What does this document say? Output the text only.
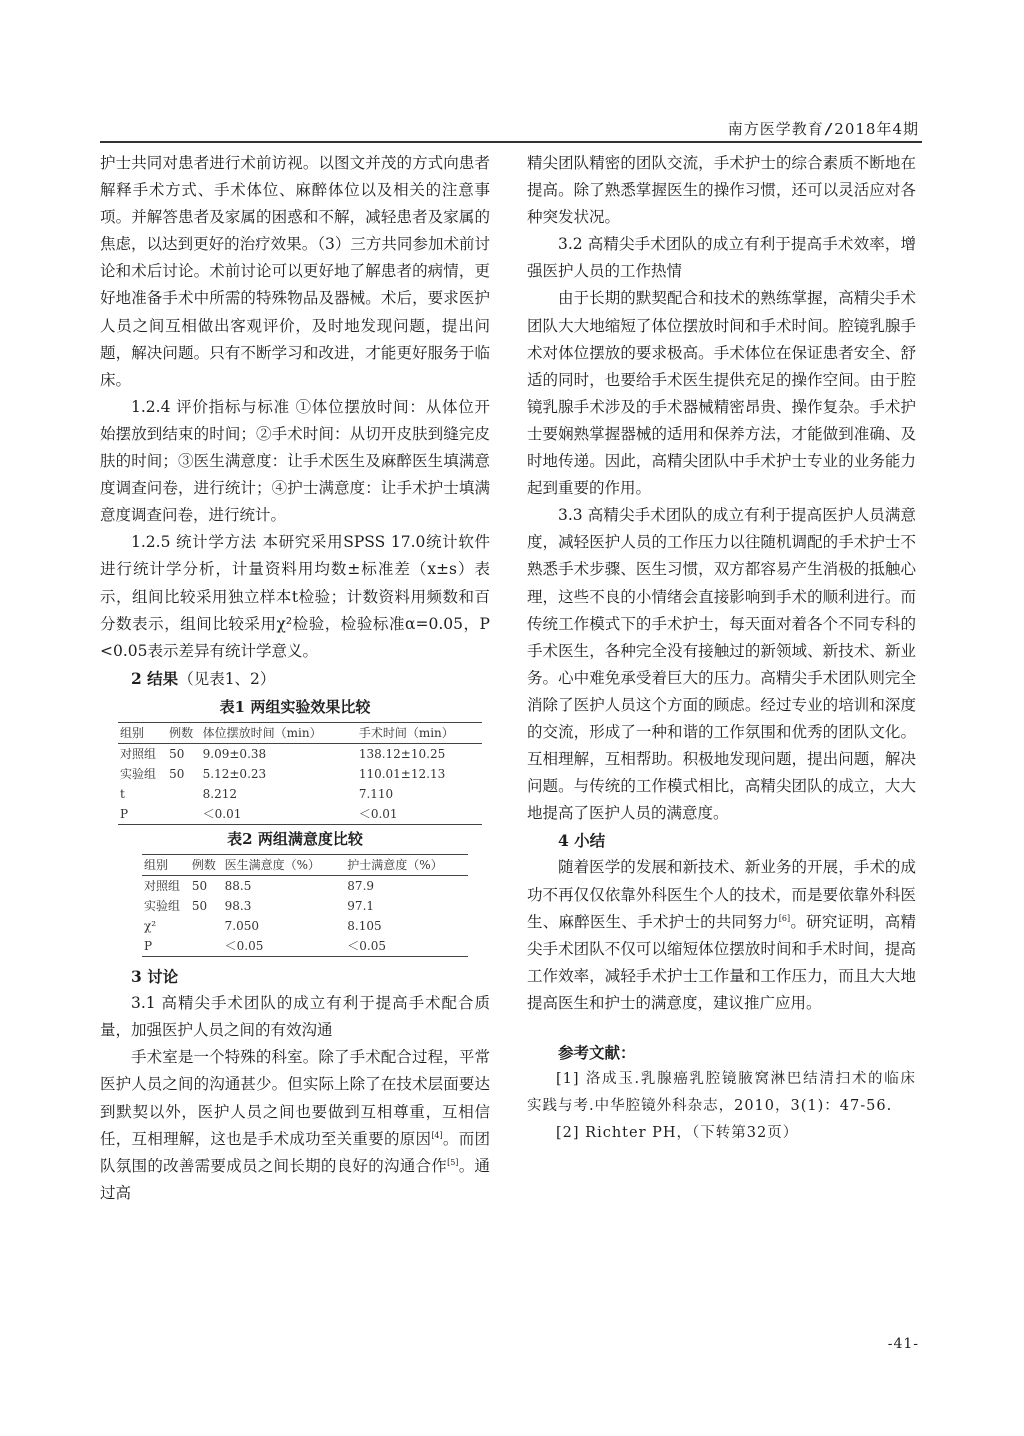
南方医学教育 / 2018年4期

护士共同对患者进行术前访视。以图文并茂的方式向患者解释手术方式、手术体位、麻醉体位以及相关的注意事项。并解答患者及家属的困惑和不解，减轻患者及家属的焦虑，以达到更好的治疗效果。（3）三方共同参加术前讨论和术后讨论。术前讨论可以更好地了解患者的病情，更好地准备手术中所需的特殊物品及器械。术后，要求医护人员之间互相做出客观评价，及时地发现问题，提出问题，解决问题。只有不断学习和改进，才能更好服务于临床。

1.2.4 评价指标与标准 ①体位摆放时间：从体位开始摆放到结束的时间；②手术时间：从切开皮肤到缝完皮肤的时间；③医生满意度：让手术医生及麻醉医生填满意度调查问卷，进行统计；④护士满意度：让手术护士填满意度调查问卷，进行统计。

1.2.5 统计学方法 本研究采用SPSS 17.0统计软件进行统计学分析，计量资料用均数±标准差（x±s）表示，组间比较采用独立样本t检验；计数资料用频数和百分数表示，组间比较采用χ²检验，检验标准α=0.05，P <0.05表示差异有统计学意义。

2 结果（见表1、2）

表1 两组实验效果比较
组别	例数	体位摆放时间（min）	手术时间（min）
对照组	50	9.09±0.38	138.12±10.25
实验组	50	5.12±0.23	110.01±12.13
t		8.212	7.110
P		＜0.01	＜0.01
表2 两组满意度比较
组别	例数	医生满意度（%）	护士满意度（%）
对照组	50	88.5	87.9
实验组	50	98.3	97.1
χ²		7.050	8.105
P		＜0.05	＜0.05

3 讨论

3.1 高精尖手术团队的成立有利于提高手术配合质量，加强医护人员之间的有效沟通

手术室是一个特殊的科室。除了手术配合过程，平常医护人员之间的沟通甚少。但实际上除了在技术层面要达到默契以外，医护人员之间也要做到互相尊重，互相信任，互相理解，这也是手术成功至关重要的原因[4]。而团队氛围的改善需要成员之间长期的良好的沟通合作[5]。通过高

精尖团队精密的团队交流，手术护士的综合素质不断地在提高。除了熟悉掌握医生的操作习惯，还可以灵活应对各种突发状况。

3.2 高精尖手术团队的成立有利于提高手术效率，增强医护人员的工作热情

由于长期的默契配合和技术的熟练掌握，高精尖手术团队大大地缩短了体位摆放时间和手术时间。腔镜乳腺手术对体位摆放的要求极高。手术体位在保证患者安全、舒适的同时，也要给手术医生提供充足的操作空间。由于腔镜乳腺手术涉及的手术器械精密昂贵、操作复杂。手术护士要娴熟掌握器械的适用和保养方法，才能做到准确、及时地传递。因此，高精尖团队中手术护士专业的业务能力起到重要的作用。

3.3 高精尖手术团队的成立有利于提高医护人员满意度，减轻医护人员的工作压力以往随机调配的手术护士不熟悉手术步骤、医生习惯，双方都容易产生消极的抵触心理，这些不良的小情绪会直接影响到手术的顺利进行。而传统工作模式下的手术护士，每天面对着各个不同专科的手术医生，各种完全没有接触过的新领域、新技术、新业务。心中难免承受着巨大的压力。高精尖手术团队则完全消除了医护人员这个方面的顾虑。经过专业的培训和深度的交流，形成了一种和谐的工作氛围和优秀的团队文化。互相理解，互相帮助。积极地发现问题，提出问题，解决问题。与传统的工作模式相比，高精尖团队的成立，大大地提高了医护人员的满意度。

4 小结

随着医学的发展和新技术、新业务的开展，手术的成功不再仅仅依靠外科医生个人的技术，而是要依靠外科医生、麻醉医生、手术护士的共同努力[6]。研究证明，高精尖手术团队不仅可以缩短体位摆放时间和手术时间，提高工作效率，减轻手术护士工作量和工作压力，而且大大地提高医生和护士的满意度，建议推广应用。

参考文献：

[1] 洛成玉.乳腺癌乳腔镜腋窝淋巴结清扫术的临床实践与考.中华腔镜外科杂志，2010，3(1)：47-56.

[2] Richter PH，（下转第32页）

-41-
